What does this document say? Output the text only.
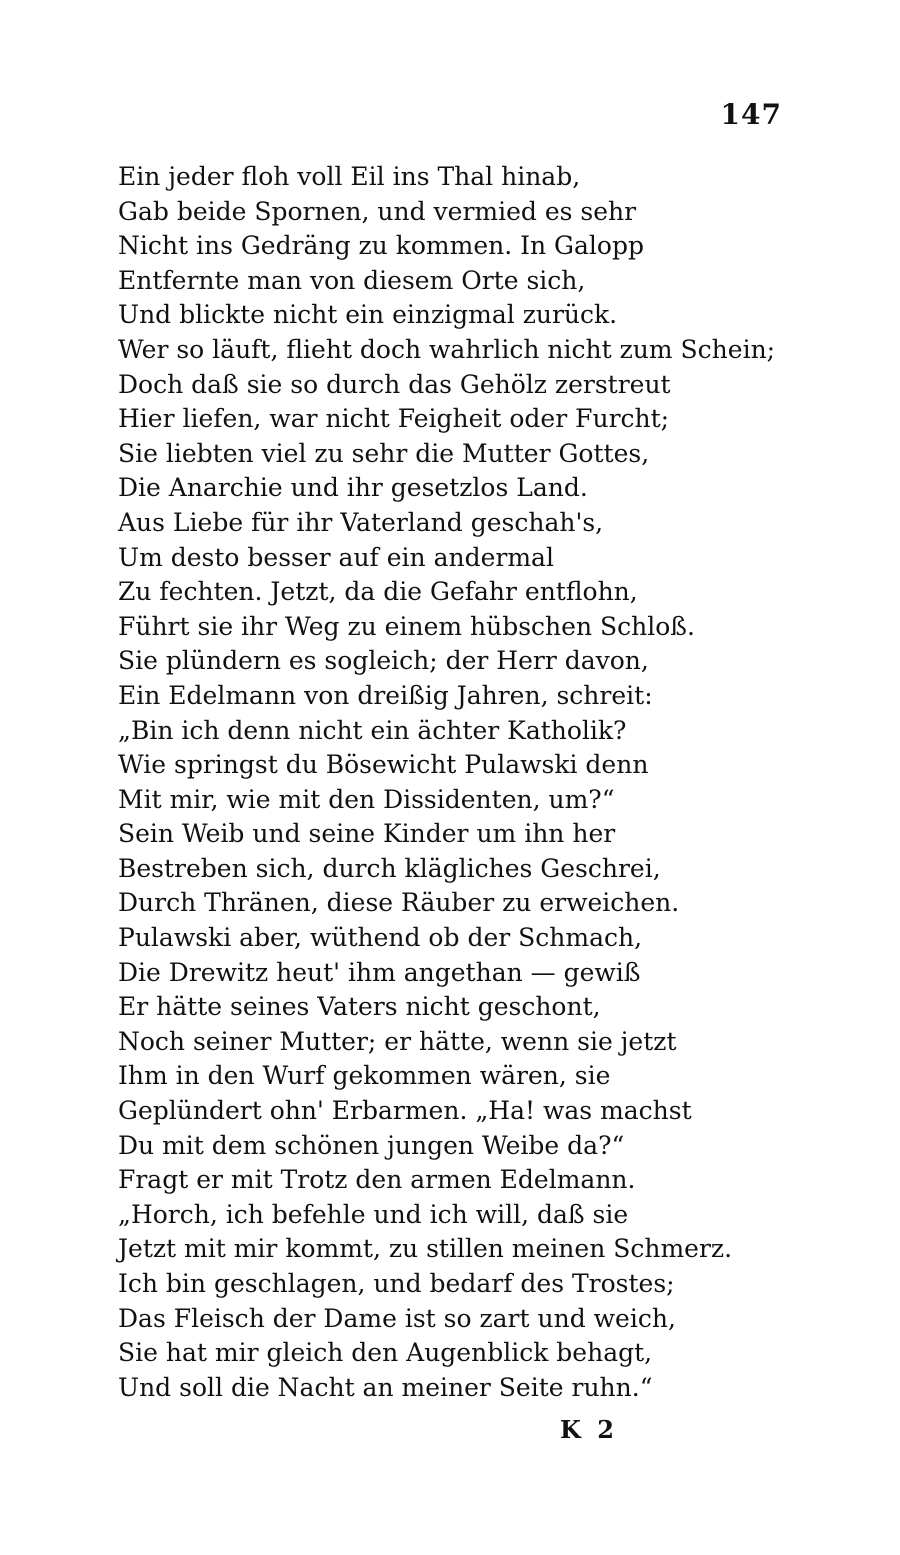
147
Ein jeder floh voll Eil ins Thal hinab,
Gab beide Spornen, und vermied es sehr
Nicht ins Gedräng zu kommen. In Galopp
Entfernte man von diesem Orte sich,
Und blickte nicht ein einzigmal zurück.
Wer so läuft, flieht doch wahrlich nicht zum Schein;
Doch daß sie so durch das Gehölz zerstreut
Hier liefen, war nicht Feigheit oder Furcht;
Sie liebten viel zu sehr die Mutter Gottes,
Die Anarchie und ihr gesetzlos Land.
Aus Liebe für ihr Vaterland geschah's,
Um desto besser auf ein andermal
Zu fechten. Jetzt, da die Gefahr entflohn,
Führt sie ihr Weg zu einem hübschen Schloß.
Sie plündern es sogleich; der Herr davon,
Ein Edelmann von dreißig Jahren, schreit:
„Bin ich denn nicht ein ächter Katholik?
Wie springst du Bösewicht Pulawski denn
Mit mir, wie mit den Dissidenten, um?“
Sein Weib und seine Kinder um ihn her
Bestreben sich, durch klägliches Geschrei,
Durch Thränen, diese Räuber zu erweichen.
Pulawski aber, wüthend ob der Schmach,
Die Drewitz heut' ihm angethan — gewiß
Er hätte seines Vaters nicht geschont,
Noch seiner Mutter; er hätte, wenn sie jetzt
Ihm in den Wurf gekommen wären, sie
Geplündert ohn' Erbarmen. „Ha! was machst
Du mit dem schönen jungen Weibe da?“
Fragt er mit Trotz den armen Edelmann.
„Horch, ich befehle und ich will, daß sie
Jetzt mit mir kommt, zu stillen meinen Schmerz.
Ich bin geschlagen, und bedarf des Trostes;
Das Fleisch der Dame ist so zart und weich,
Sie hat mir gleich den Augenblick behagt,
Und soll die Nacht an meiner Seite ruhn.“
K 2
